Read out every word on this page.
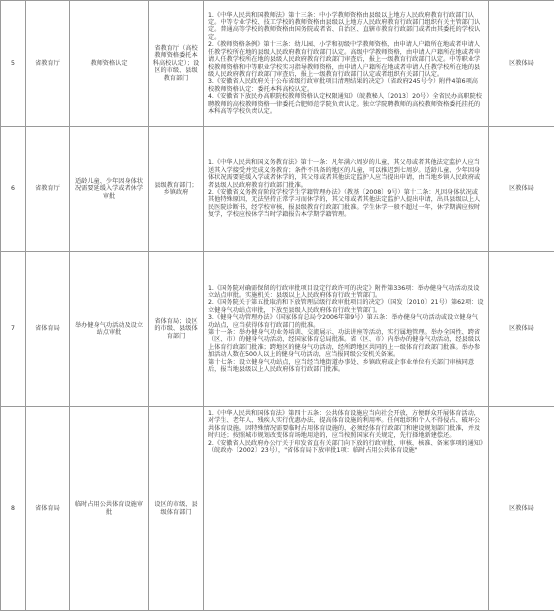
5	省教育厅	教师资格认定	省教育厅（高校教师资格委托本科高校认定）；设区的市级、县级教育部门	1.《中华人民共和国教师法》第十三条：中小学教师资格由县级以上地方人民政府教育行政部门认定。中等专业学校、技工学校的教师资格由县级以上地方人民政府教育行政部门组织有关主管部门认定。普通高等学校的教师资格由国务院或者省、自治区、直辖市教育行政部门或者由其委托的学校认定。
2.《教师资格条例》第十三条：幼儿园、小学和初级中学教师资格，由申请人户籍所在地或者申请人任教学校所在地的县级人民政府教育行政部门认定。高级中学教师资格，由申请人户籍所在地或者申请人任教学校所在地的县级人民政府教育行政部门审查后，报上一级教育行政部门认定。中等职业学校教师资格和中等职业学校实习指导教师资格，由申请人户籍所在地或者申请人任教学校所在地的县级人民政府教育行政部门审查后，报上一级教育行政部门认定或者组织有关部门认定。
3.《安徽省人民政府关于公布省级行政审批项目清理结果的决定》（省政府245号令）附件4第6项高校教师资格认定：委托本科高校认定。
4.《安徽省下放民办高职院校教师资格认定权限通知》（皖教秘人〔2013〕20号）全省民办高职院校聘教师的高校教师资格一律委托合肥师范学院负责认定。独立学院聘教师的高校教师资格委托挂托的本科高等学校负责认定。	区教体局
6	省教育厅	适龄儿童、少年因身体状况需要延缓入学或者休学审批	县级教育部门；乡镇政府	1.《中华人民共和国义务教育法》第十一条：凡年满六周岁的儿童，其父母或者其他法定监护人应当送其入学接受并完成义务教育；条件不具备的地区的儿童，可以推迟到七周岁。适龄儿童、少年因身体状况需要延缓入学或者休学的，其父母或者其他法定监护人应当提出申请，由当地乡镇人民政府或者县级人民政府教育行政部门批准。
2.《安徽省义务教育阶段学校学生学籍管理办法》（教基〔2008〕9号）第十二条：凡因身体状况或其他特殊原因，无法坚持正常学习而休学的，其父母或者其他法定监护人提出申请，出具县级以上人民医院诊断书，经学校审核，报县级教育行政部门批准。学生休学一般不超过一年，休学期满应按时复学，学校应按休学当时学籍报告本学期学籍管理。	区教体局
7	省体育局	举办健身气功活动及设立站点审批	省体育局；设区的市级、县级体育部门	1.《国务院对确需保留的行政审批项目设定行政许可的决定》附件第336项：举办健身气功活动及设立站点审批。实施机关：县级以上人民政府体育行政主管部门。
2.《国务院关于第五批取消和下放管理层级行政审批项目的决定》（国发〔2010〕21号）第62项：设立健身气功站点审批，下放至县级人民政府体育行政主管部门。
3.《健身气功管理办法》（国家体育总局令2006年第9号）第五条：举办健身气功活动或设立健身气功站点，应当获得体育行政部门的批准。
第十一条：举办健身气功业务培训、交流展示、功法讲座等活动，实行属地管理。举办全国性、跨省（区、市）的健身气功活动，经国家体育总局批准。省（区、市）内举办的健身气功活动，经县级以上体育行政部门批准；跨地区的健身气功活动，经所跨地区共同的上一级体育行政部门批准。举办参加活动人数在500人以上的健身气功活动，应当报同级公安机关备案。
第十七条：设立健身气功站点，应当经当地街道办事处、乡镇政府或企事业单位有关部门审核同意后，报当地县级以上人民政府体育行政部门批准。	区教体局
8	省体育局	临时占用公共体育设施审批	设区的市级、县级体育部门	1.《中华人民共和国体育法》第四十五条：公共体育设施应当向社会开放，方便群众开展体育活动，对学生、老年人、残疾人实行优惠办法，提高体育设施的利用率。任何组织和个人不得侵占、破坏公共体育设施。因特殊情况需要临时占用体育设施的，必须经体育行政部门和建设规划部门批准，并及时归还；按照城市规划改变体育场地用途的，应当按照国家有关规定，先行择地新建偿还。
2.《安徽省人民政府办公厅关于印发省直有关部门向下放的行政审批、审核、核准、备案事项的通知》（皖政办〔2002〕23号），"省体育局下放审批1项：临时占用公共体育设施"	区教体局
